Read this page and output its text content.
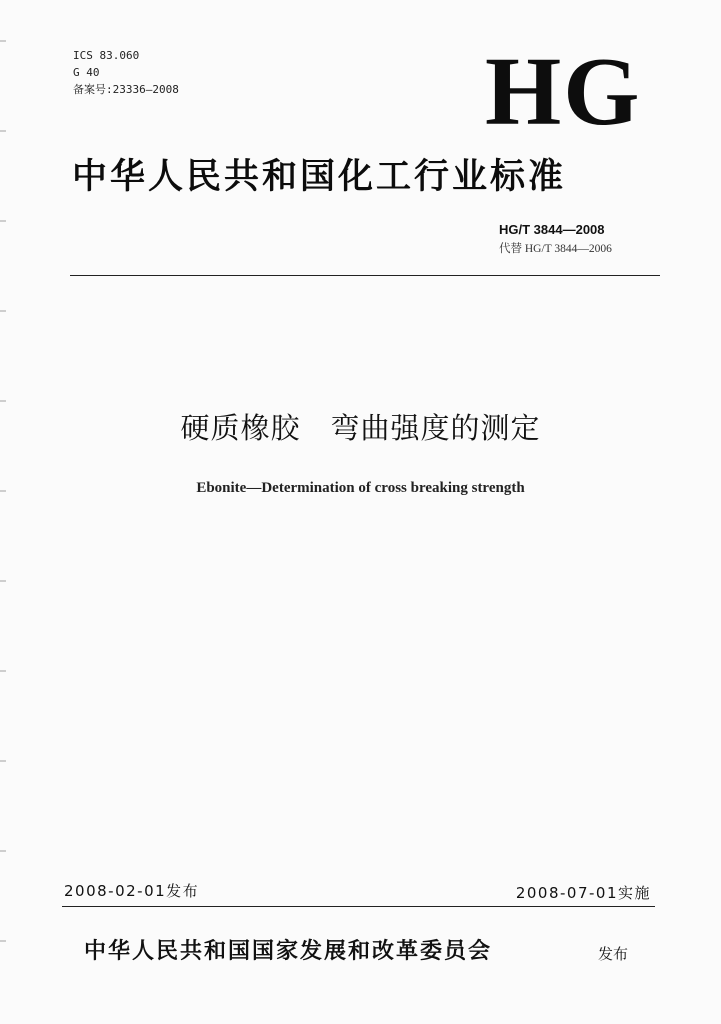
ICS 83.060
G 40
备案号:23336—2008	HG
中华人民共和国化工行业标准
HG/T 3844—2008
代替 HG/T 3844—2006
硬质橡胶 弯曲强度的测定
Ebonite—Determination of cross breaking strength
2008-02-01发布	2008-07-01实施
中华人民共和国国家发展和改革委员会	发布
